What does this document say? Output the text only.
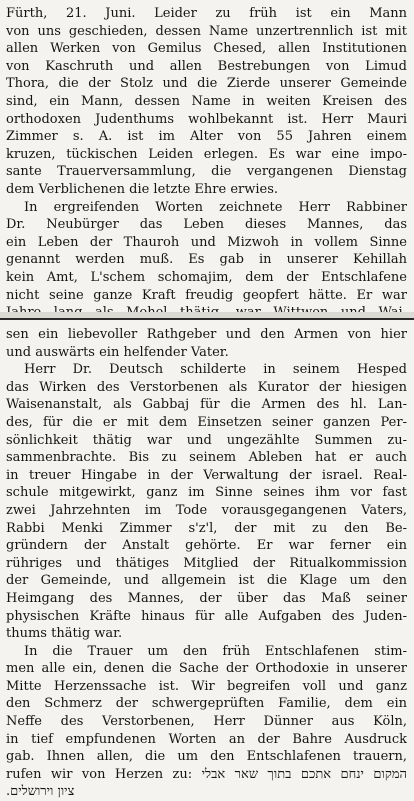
Fürth, 21. Juni. Leider zu früh ist ein Mann
von uns geschieden, dessen Name unzertrennlich ist mit
allen Werken von Gemilus Chesed, allen Institutionen
von Kaschruth und allen Bestrebungen von Limud
Thora, die der Stolz und die Zierde unserer Gemeinde
sind, ein Mann, dessen Name in weiten Kreisen des
orthodoxen Judenthums wohlbekannt ist. Herr Mauri
Zimmer s. A. ist im Alter von 55 Jahren einem
kruzen, tückischen Leiden erlegen. Es war eine impo-
sante Trauerversammlung, die vergangenen Dienstag
dem Verblichenen die letzte Ehre erwies.
In ergreifenden Worten zeichnete Herr Rabbiner
Dr. Neubürger das Leben dieses Mannes, das
ein Leben der Thauroh und Mizwoh in vollem Sinne
genannt werden muß. Es gab in unserer Kehillah
kein Amt, L'schem schomajim, dem der Entschlafene
nicht seine ganze Kraft freudig geopfert hätte. Er war
sen ein liebevoller Rathgeber und den Armen von hier
und auswärts ein helfender Vater.
Herr Dr. Deutsch schilderte in seinem Hesped
das Wirken des Verstorbenen als Kurator der hiesigen
Waisenanstalt, als Gabbaj für die Armen des hl. Lan-
des, für die er mit dem Einsetzen seiner ganzen Per-
sönlichkeit thätig war und ungezählte Summen zu-
sammenbrachte. Bis zu seinem Ableben hat er auch
in treuer Hingabe in der Verwaltung der israel. Real-
schule mitgewirkt, ganz im Sinne seines ihm vor fast
zwei Jahrzehnten im Tode vorausgegangenen Vaters,
Rabbi Menki Zimmer s'z'l, der mit zu den Be-
gründern der Anstalt gehörte. Er war ferner ein
rühriges und thätiges Mitglied der Ritualkommission
der Gemeinde, und allgemein ist die Klage um den
Heimgang des Mannes, der über das Maß seiner
physischen Kräfte hinaus für alle Aufgaben des Juden-
thums thätig war.
In die Trauer um den früh Entschlafenen stim-
men alle ein, denen die Sache der Orthodoxie in unserer
Mitte Herzenssache ist. Wir begreifen voll und ganz
den Schmerz der schwergeprüften Familie, dem ein
Neffe des Verstorbenen, Herr Dünner aus Köln,
in tief empfundenen Worten an der Bahre Ausdruck
gab. Ihnen allen, die um den Entschlafenen trauern,
rufen wir von Herzen zu: המקום ינחם אתכם בתוך שאר אבלי
ציון וירושלים.
